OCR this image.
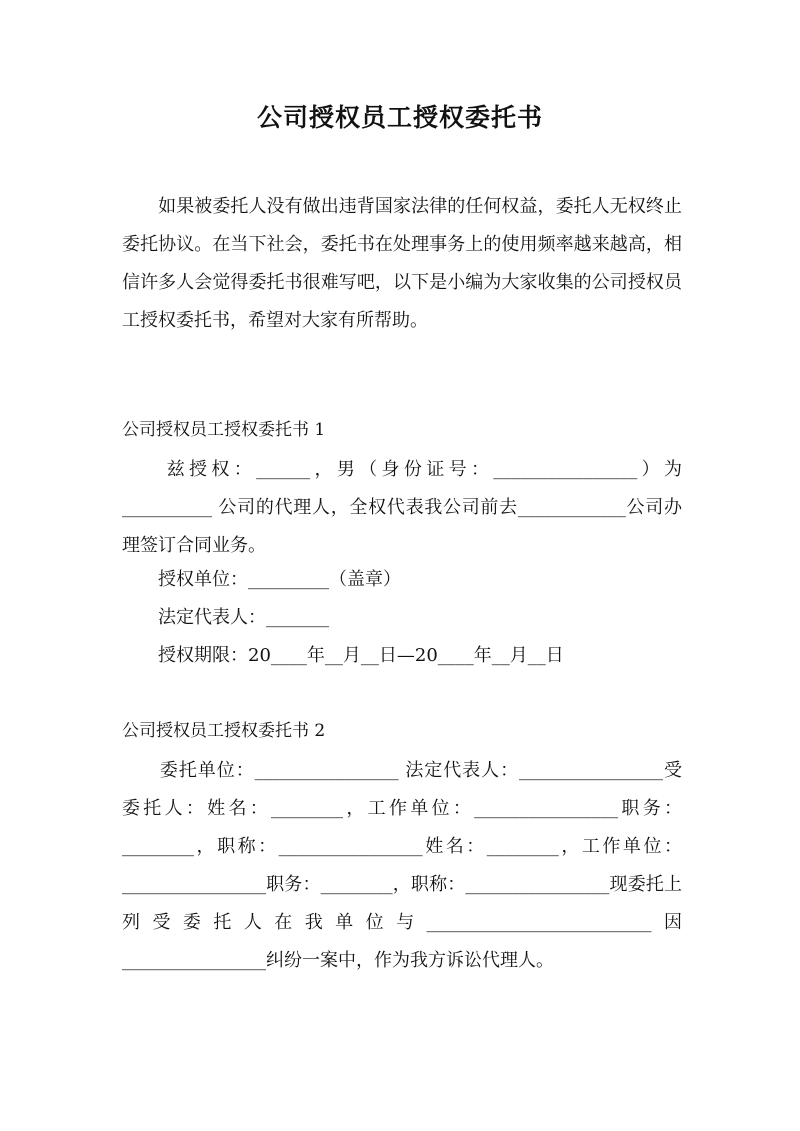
公司授权员工授权委托书
　　如果被委托人没有做出违背国家法律的任何权益，委托人无权终止委托协议。在当下社会，委托书在处理事务上的使用频率越来越高，相信许多人会觉得委托书很难写吧，以下是小编为大家收集的公司授权员工授权委托书，希望对大家有所帮助。
公司授权员工授权委托书 1
　　兹授权：______，男（身份证号：________________）为 __________ 公司的代理人，全权代表我公司前去____________公司办理签订合同业务。
　　授权单位：_________（盖章）
　　法定代表人：_______
　　授权期限：20____年__月__日—20____年__月__日
公司授权员工授权委托书 2
　　委托单位：________________ 法定代表人：________________受委托人：姓名：________，工作单位：________________职务：________，职称：________________姓名：________，工作单位：________________职务：________，职称：________________现委托上列受委托人在我单位与_________________________因________________纠纷一案中，作为我方诉讼代理人。
